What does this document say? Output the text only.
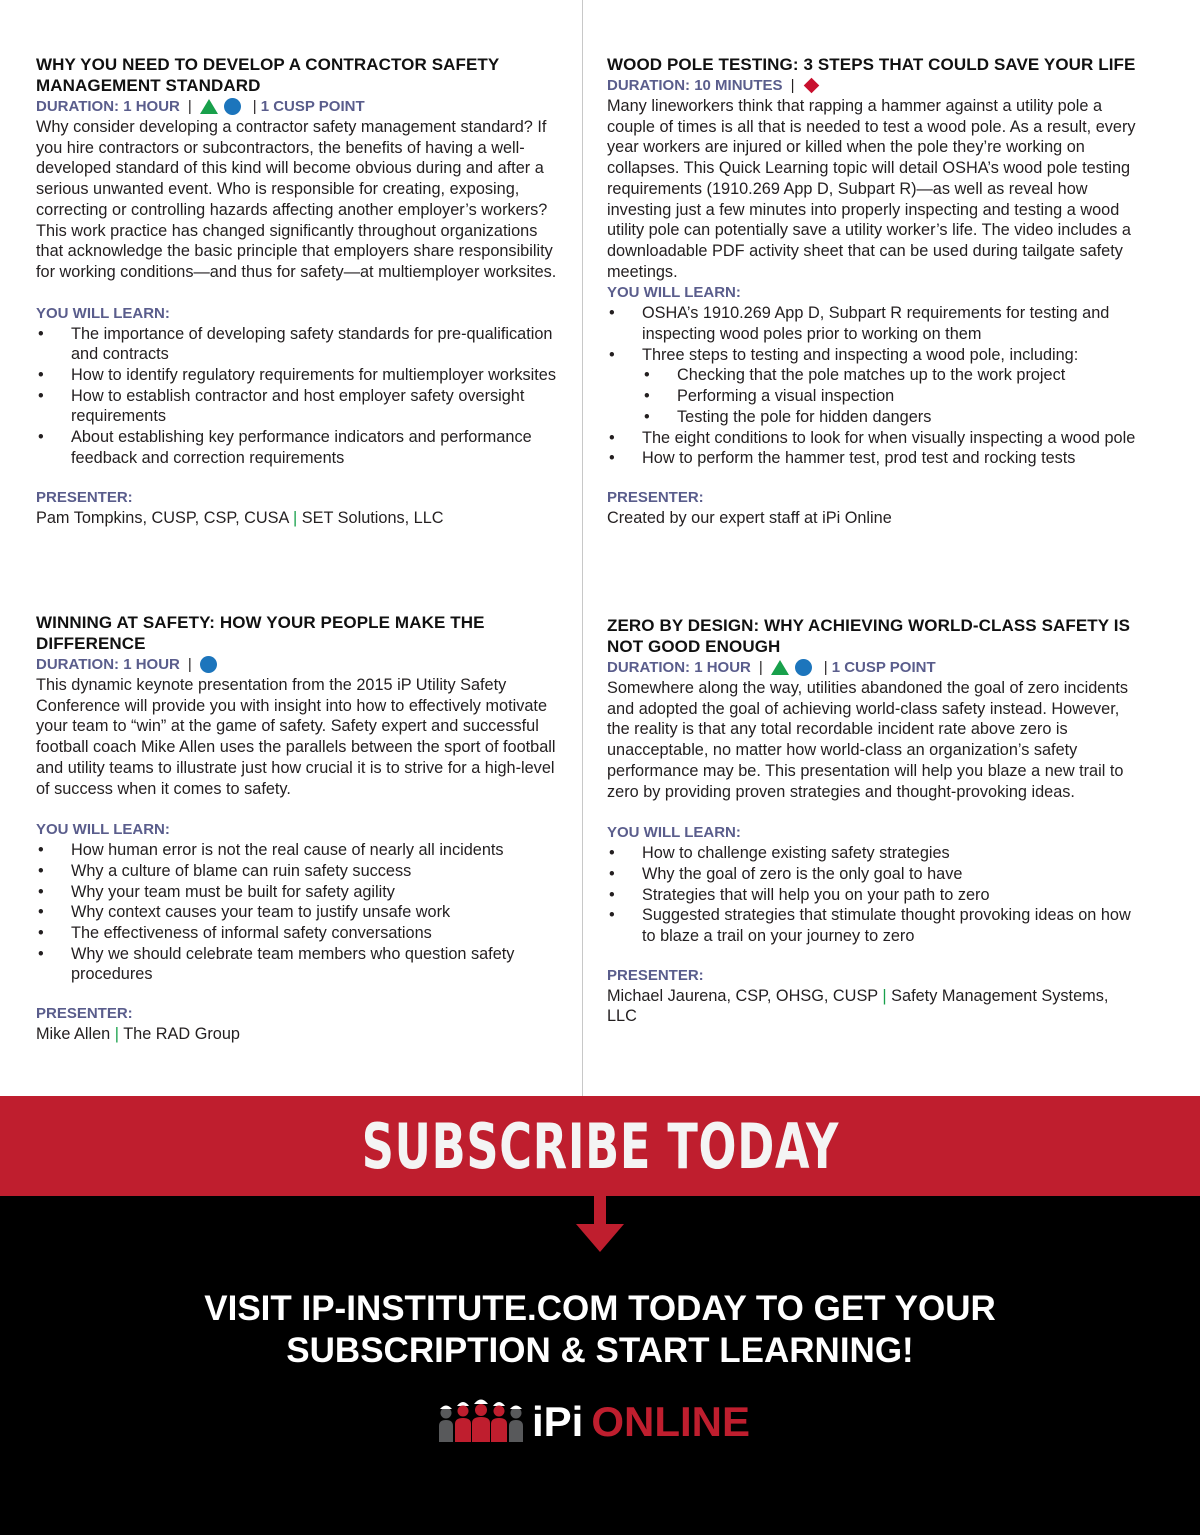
WHY YOU NEED TO DEVELOP A CONTRACTOR SAFETY MANAGEMENT STANDARD
DURATION: 1 HOUR |	| 1 CUSP POINT

Why consider developing a contractor safety management standard? If you hire contractors or subcontractors, the benefits of having a well-developed standard of this kind will become obvious during and after a serious unwanted event. Who is responsible for creating, exposing, correcting or controlling hazards affecting another employer’s workers? This work practice has changed significantly throughout organizations that acknowledge the basic principle that employers share responsibility for working conditions—and thus for safety—at multiemployer worksites.

YOU WILL LEARN:
• The importance of developing safety standards for pre-qualification and contracts
• How to identify regulatory requirements for multiemployer worksites
• How to establish contractor and host employer safety oversight requirements
• About establishing key performance indicators and performance feedback and correction requirements
PRESENTER:
Pam Tompkins, CUSP, CSP, CUSA | SET Solutions, LLC
WOOD POLE TESTING: 3 STEPS THAT COULD SAVE YOUR LIFE
DURATION: 10 MINUTES |

Many lineworkers think that rapping a hammer against a utility pole a couple of times is all that is needed to test a wood pole. As a result, every year workers are injured or killed when the pole they’re working on collapses. This Quick Learning topic will detail OSHA’s wood pole testing requirements (1910.269 App D, Subpart R)—as well as reveal how investing just a few minutes into properly inspecting and testing a wood utility pole can potentially save a utility worker’s life. The video includes a downloadable PDF activity sheet that can be used during tailgate safety meetings.

YOU WILL LEARN:
• OSHA’s 1910.269 App D, Subpart R requirements for testing and inspecting wood poles prior to working on them
• Three steps to testing and inspecting a wood pole, including:
• Checking that the pole matches up to the work project
• Performing a visual inspection
• Testing the pole for hidden dangers
• The eight conditions to look for when visually inspecting a wood pole
• How to perform the hammer test, prod test and rocking tests
PRESENTER:
Created by our expert staff at iPi Online
WINNING AT SAFETY: HOW YOUR PEOPLE MAKE THE DIFFERENCE
DURATION: 1 HOUR |

This dynamic keynote presentation from the 2015 iP Utility Safety Conference will provide you with insight into how to effectively motivate your team to “win” at the game of safety. Safety expert and successful football coach Mike Allen uses the parallels between the sport of football and utility teams to illustrate just how crucial it is to strive for a high-level of success when it comes to safety.

YOU WILL LEARN:
• How human error is not the real cause of nearly all incidents
• Why a culture of blame can ruin safety success
• Why your team must be built for safety agility
• Why context causes your team to justify unsafe work
• The effectiveness of informal safety conversations
• Why we should celebrate team members who question safety procedures
PRESENTER:
Mike Allen | The RAD Group
ZERO BY DESIGN: WHY ACHIEVING WORLD-CLASS SAFETY IS NOT GOOD ENOUGH
DURATION: 1 HOUR |	| 1 CUSP POINT

Somewhere along the way, utilities abandoned the goal of zero incidents and adopted the goal of achieving world-class safety instead. However, the reality is that any total recordable incident rate above zero is unacceptable, no matter how world-class an organization’s safety performance may be. This presentation will help you blaze a new trail to zero by providing proven strategies and thought-provoking ideas.

YOU WILL LEARN:
• How to challenge existing safety strategies
• Why the goal of zero is the only goal to have
• Strategies that will help you on your path to zero
• Suggested strategies that stimulate thought provoking ideas on how to blaze a trail on your journey to zero
PRESENTER:
Michael Jaurena, CSP, OHSG, CUSP | Safety Management Systems, LLC
SUBSCRIBE TODAY
VISIT IP-INSTITUTE.COM TODAY TO GET YOUR
SUBSCRIPTION & START LEARNING!
iPi ONLINE
